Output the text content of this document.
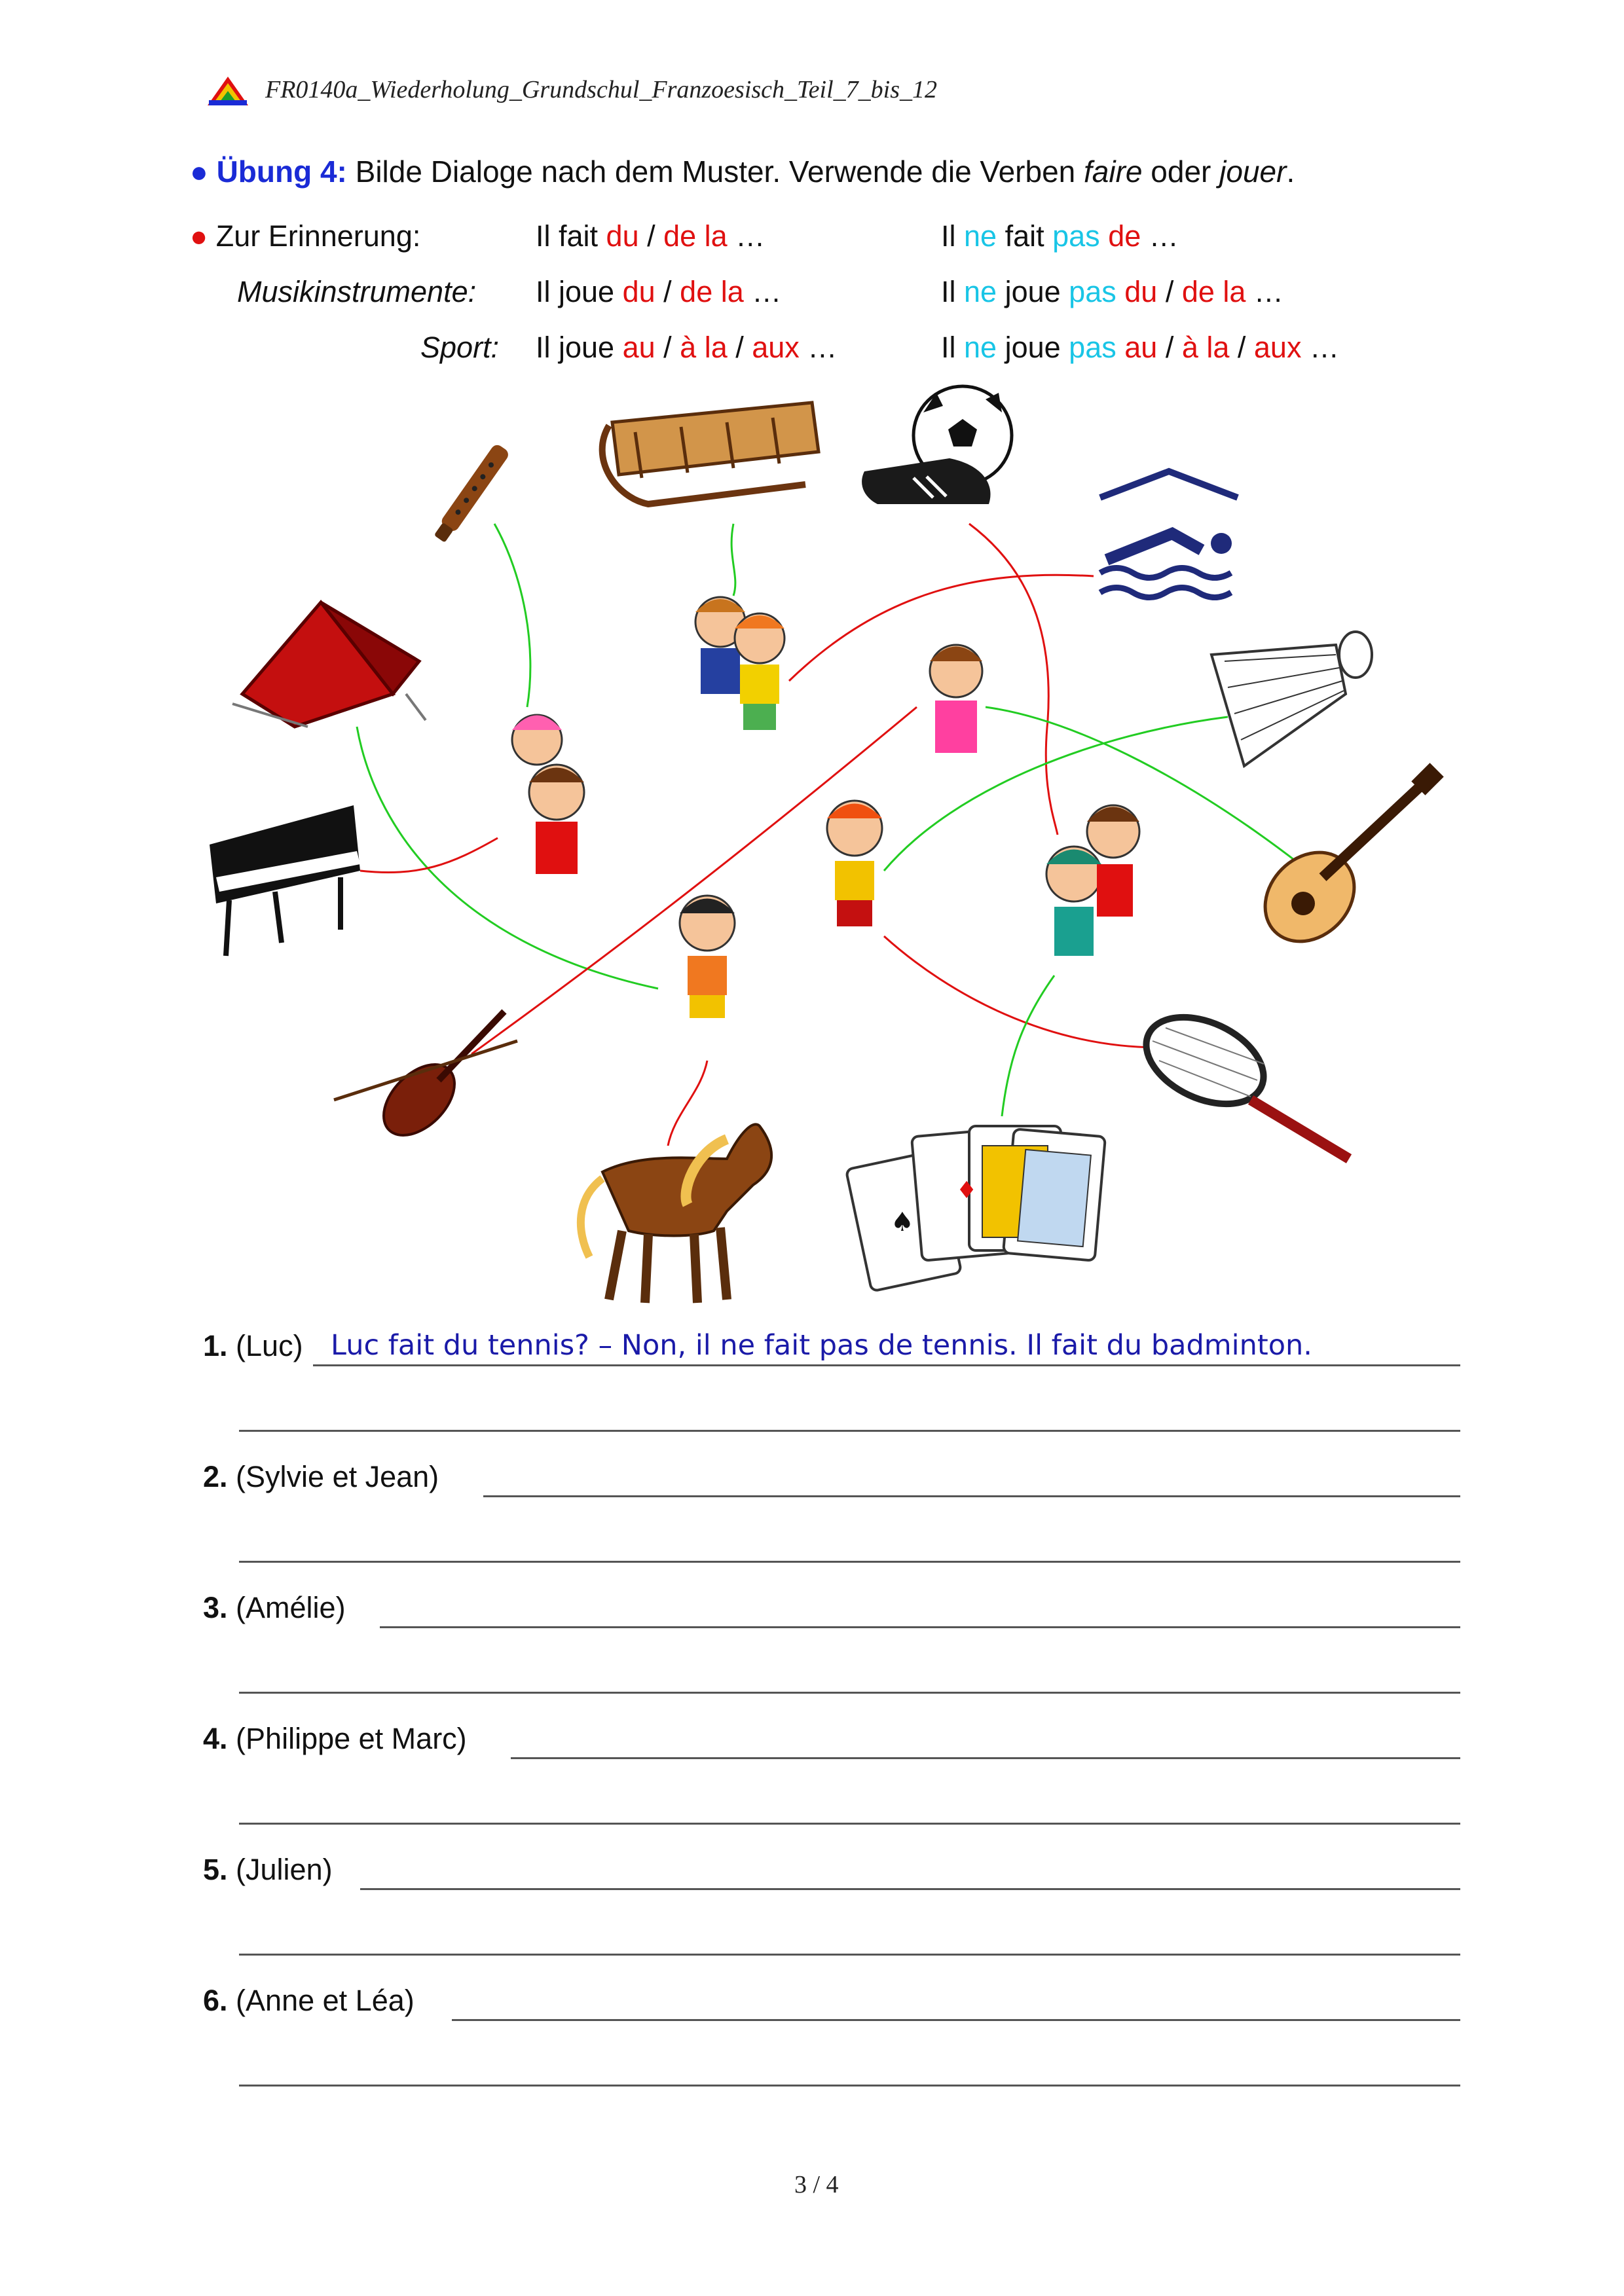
FR0140a_Wiederholung_Grundschul_Franzoesisch_Teil_7_bis_12
● Übung 4: Bilde Dialoge nach dem Muster. Verwende die Verben faire oder jouer.
● Zur Erinnerung:	Il fait du / de la …	Il ne fait pas de …
Musikinstrumente: Il joue du / de la …	Il ne joue pas du / de la …
Sport: Il joue au / à la / aux …	Il ne joue pas au / à la / aux …
♠
♦
1. (Luc) Luc fait du tennis? – Non, il ne fait pas de tennis. Il fait du badminton.
2. (Sylvie et Jean)
3. (Amélie)
4. (Philippe et Marc)
5. (Julien)
6. (Anne et Léa)
3 / 4
